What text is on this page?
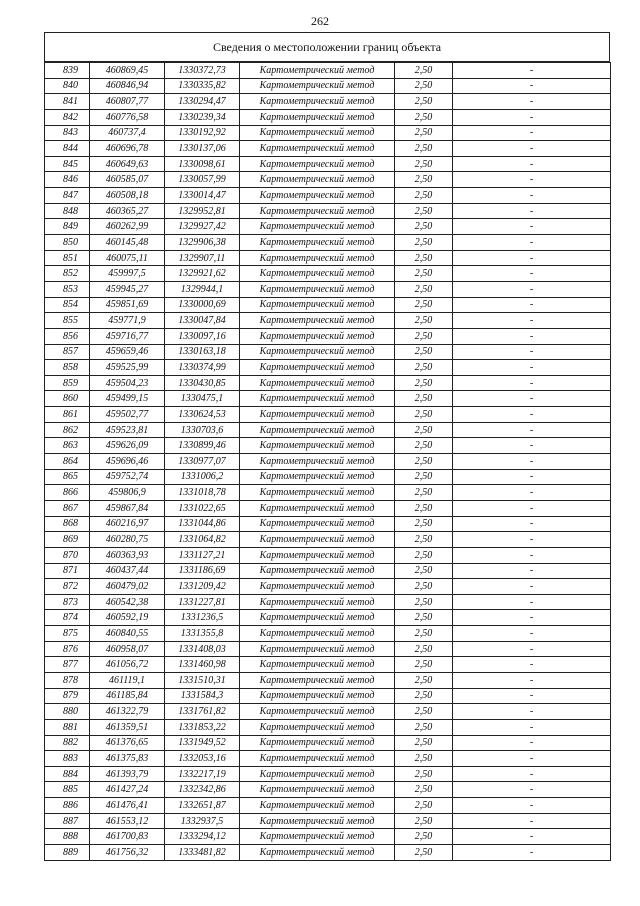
262
Сведения о местоположении границ объекта
839	460869,45	1330372,73	Картометрический метод	2,50	-
840	460846,94	1330335,82	Картометрический метод	2,50	-
841	460807,77	1330294,47	Картометрический метод	2,50	-
842	460776,58	1330239,34	Картометрический метод	2,50	-
843	460737,4	1330192,92	Картометрический метод	2,50	-
844	460696,78	1330137,06	Картометрический метод	2,50	-
845	460649,63	1330098,61	Картометрический метод	2,50	-
846	460585,07	1330057,99	Картометрический метод	2,50	-
847	460508,18	1330014,47	Картометрический метод	2,50	-
848	460365,27	1329952,81	Картометрический метод	2,50	-
849	460262,99	1329927,42	Картометрический метод	2,50	-
850	460145,48	1329906,38	Картометрический метод	2,50	-
851	460075,11	1329907,11	Картометрический метод	2,50	-
852	459997,5	1329921,62	Картометрический метод	2,50	-
853	459945,27	1329944,1	Картометрический метод	2,50	-
854	459851,69	1330000,69	Картометрический метод	2,50	-
855	459771,9	1330047,84	Картометрический метод	2,50	-
856	459716,77	1330097,16	Картометрический метод	2,50	-
857	459659,46	1330163,18	Картометрический метод	2,50	-
858	459525,99	1330374,99	Картометрический метод	2,50	-
859	459504,23	1330430,85	Картометрический метод	2,50	-
860	459499,15	1330475,1	Картометрический метод	2,50	-
861	459502,77	1330624,53	Картометрический метод	2,50	-
862	459523,81	1330703,6	Картометрический метод	2,50	-
863	459626,09	1330899,46	Картометрический метод	2,50	-
864	459696,46	1330977,07	Картометрический метод	2,50	-
865	459752,74	1331006,2	Картометрический метод	2,50	-
866	459806,9	1331018,78	Картометрический метод	2,50	-
867	459867,84	1331022,65	Картометрический метод	2,50	-
868	460216,97	1331044,86	Картометрический метод	2,50	-
869	460280,75	1331064,82	Картометрический метод	2,50	-
870	460363,93	1331127,21	Картометрический метод	2,50	-
871	460437,44	1331186,69	Картометрический метод	2,50	-
872	460479,02	1331209,42	Картометрический метод	2,50	-
873	460542,38	1331227,81	Картометрический метод	2,50	-
874	460592,19	1331236,5	Картометрический метод	2,50	-
875	460840,55	1331355,8	Картометрический метод	2,50	-
876	460958,07	1331408,03	Картометрический метод	2,50	-
877	461056,72	1331460,98	Картометрический метод	2,50	-
878	461119,1	1331510,31	Картометрический метод	2,50	-
879	461185,84	1331584,3	Картометрический метод	2,50	-
880	461322,79	1331761,82	Картометрический метод	2,50	-
881	461359,51	1331853,22	Картометрический метод	2,50	-
882	461376,65	1331949,52	Картометрический метод	2,50	-
883	461375,83	1332053,16	Картометрический метод	2,50	-
884	461393,79	1332217,19	Картометрический метод	2,50	-
885	461427,24	1332342,86	Картометрический метод	2,50	-
886	461476,41	1332651,87	Картометрический метод	2,50	-
887	461553,12	1332937,5	Картометрический метод	2,50	-
888	461700,83	1333294,12	Картометрический метод	2,50	-
889	461756,32	1333481,82	Картометрический метод	2,50	-
